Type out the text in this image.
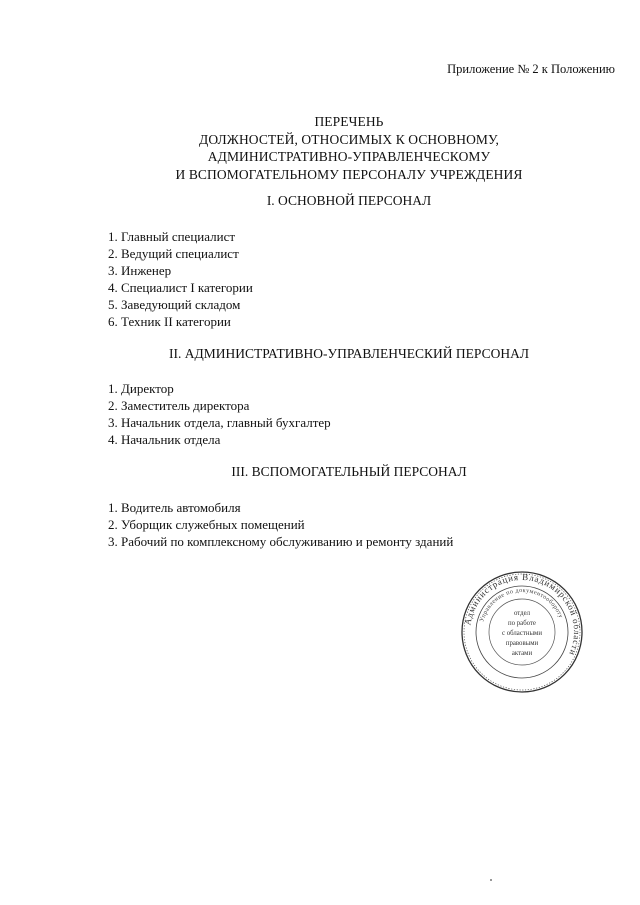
Приложение № 2 к Положению
ПЕРЕЧЕНЬ
ДОЛЖНОСТЕЙ, ОТНОСИМЫХ К ОСНОВНОМУ,
АДМИНИСТРАТИВНО-УПРАВЛЕНЧЕСКОМУ
И ВСПОМОГАТЕЛЬНОМУ ПЕРСОНАЛУ УЧРЕЖДЕНИЯ
I. ОСНОВНОЙ ПЕРСОНАЛ
1. Главный специалист
2. Ведущий специалист
3. Инженер
4. Специалист I категории
5. Заведующий складом
6. Техник II категории
II. АДМИНИСТРАТИВНО-УПРАВЛЕНЧЕСКИЙ ПЕРСОНАЛ
1. Директор
2. Заместитель директора
3. Начальник отдела, главный бухгалтер
4. Начальник отдела
III. ВСПОМОГАТЕЛЬНЫЙ ПЕРСОНАЛ
1. Водитель автомобиля
2. Уборщик служебных помещений
3. Рабочий по комплексному обслуживанию и ремонту зданий
Администрация Владимирской области
Управление по документообороту
отдел
по работе
с областными
правовыми
актами
